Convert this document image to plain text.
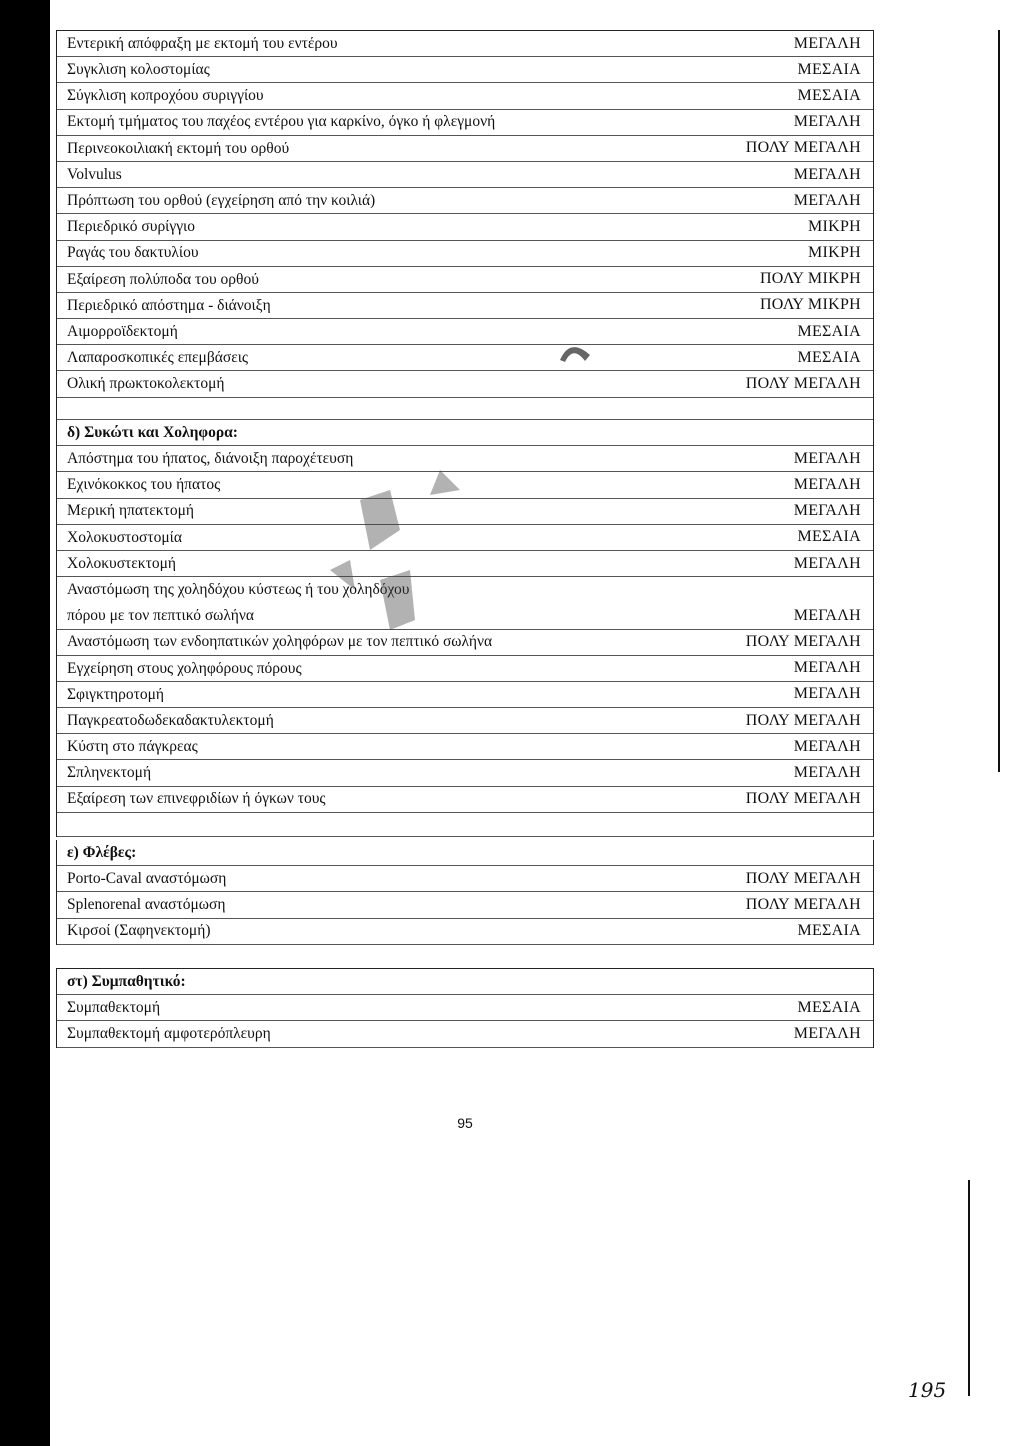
Εντερική απόφραξη με εκτομή του εντέρου	ΜΕΓΑΛΗ
Συγκλιση κολοστομίας	ΜΕΣΑΙΑ
Σύγκλιση κοπροχόου συριγγίου	ΜΕΣΑΙΑ
Εκτομή τμήματος του παχέος εντέρου για καρκίνο, όγκο ή φλεγμονή	ΜΕΓΑΛΗ
Περινεοκοιλιακή εκτομή του ορθού	ΠΟΛΥ ΜΕΓΑΛΗ
Volvulus	ΜΕΓΑΛΗ
Πρόπτωση του ορθού (εγχείρηση από την κοιλιά)	ΜΕΓΑΛΗ
Περιεδρικό συρίγγιο	ΜΙΚΡΗ
Ραγάς του δακτυλίου	ΜΙΚΡΗ
Εξαίρεση πολύποδα του ορθού	ΠΟΛΥ ΜΙΚΡΗ
Περιεδρικό απόστημα - διάνοιξη	ΠΟΛΥ ΜΙΚΡΗ
Αιμορροϊδεκτομή	ΜΕΣΑΙΑ
Λαπαροσκοπικές επεμβάσεις	ΜΕΣΑΙΑ
Ολική πρωκτοκολεκτομή	ΠΟΛΥ ΜΕΓΑΛΗ
δ) Συκώτι και Χοληφορα:
Απόστημα του ήπατος, διάνοιξη παροχέτευση	ΜΕΓΑΛΗ
Εχινόκοκκος του ήπατος	ΜΕΓΑΛΗ
Μερική ηπατεκτομή	ΜΕΓΑΛΗ
Χολοκυστοστομία	ΜΕΣΑΙΑ
Χολοκυστεκτομή	ΜΕΓΑΛΗ
Αναστόμωση της χοληδόχου κύστεως ή του χοληδόχου
πόρου με τον πεπτικό σωλήνα	ΜΕΓΑΛΗ
Αναστόμωση των ενδοηπατικών χοληφόρων με τον πεπτικό σωλήνα	ΠΟΛΥ ΜΕΓΑΛΗ
Εγχείρηση στους χοληφόρους πόρους	ΜΕΓΑΛΗ
Σφιγκτηροτομή	ΜΕΓΑΛΗ
Παγκρεατοδωδεκαδακτυλεκτομή	ΠΟΛΥ ΜΕΓΑΛΗ
Κύστη στο πάγκρεας	ΜΕΓΑΛΗ
Σπληνεκτομή	ΜΕΓΑΛΗ
Εξαίρεση των επινεφριδίων ή όγκων τους	ΠΟΛΥ ΜΕΓΑΛΗ
ε) Φλέβες:
Porto-Caval αναστόμωση	ΠΟΛΥ ΜΕΓΑΛΗ
Splenorenal αναστόμωση	ΠΟΛΥ ΜΕΓΑΛΗ
Κιρσοί (Σαφηνεκτομή)	ΜΕΣΑΙΑ
στ) Συμπαθητικό:
Συμπαθεκτομή	ΜΕΣΑΙΑ
Συμπαθεκτομή αμφοτερόπλευρη	ΜΕΓΑΛΗ
95
195
